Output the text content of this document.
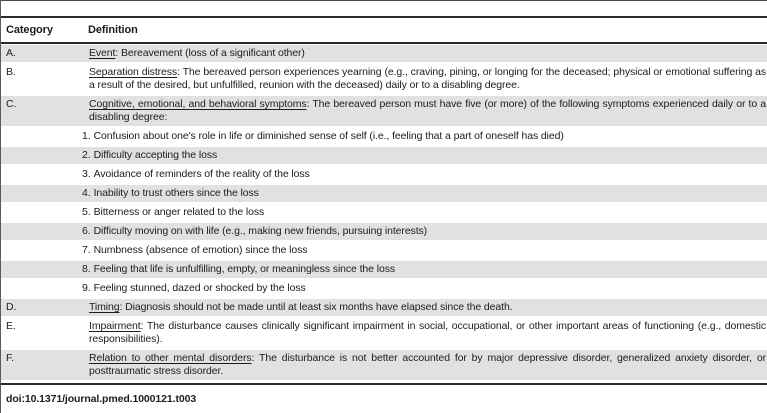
Category	Definition
A.	Event: Bereavement (loss of a significant other)
B.	Separation distress: The bereaved person experiences yearning (e.g., craving, pining, or longing for the deceased; physical or emotional suffering as a result of the desired, but unfulfilled, reunion with the deceased) daily or to a disabling degree.
C.	Cognitive, emotional, and behavioral symptoms: The bereaved person must have five (or more) of the following symptoms experienced daily or to a disabling degree:
1. Confusion about one's role in life or diminished sense of self (i.e., feeling that a part of oneself has died)
2. Difficulty accepting the loss
3. Avoidance of reminders of the reality of the loss
4. Inability to trust others since the loss
5. Bitterness or anger related to the loss
6. Difficulty moving on with life (e.g., making new friends, pursuing interests)
7. Numbness (absence of emotion) since the loss
8. Feeling that life is unfulfilling, empty, or meaningless since the loss
9. Feeling stunned, dazed or shocked by the loss
D.	Timing: Diagnosis should not be made until at least six months have elapsed since the death.
E.	Impairment: The disturbance causes clinically significant impairment in social, occupational, or other important areas of functioning (e.g., domestic responsibilities).
F.	Relation to other mental disorders: The disturbance is not better accounted for by major depressive disorder, generalized anxiety disorder, or posttraumatic stress disorder.
doi:10.1371/journal.pmed.1000121.t003
